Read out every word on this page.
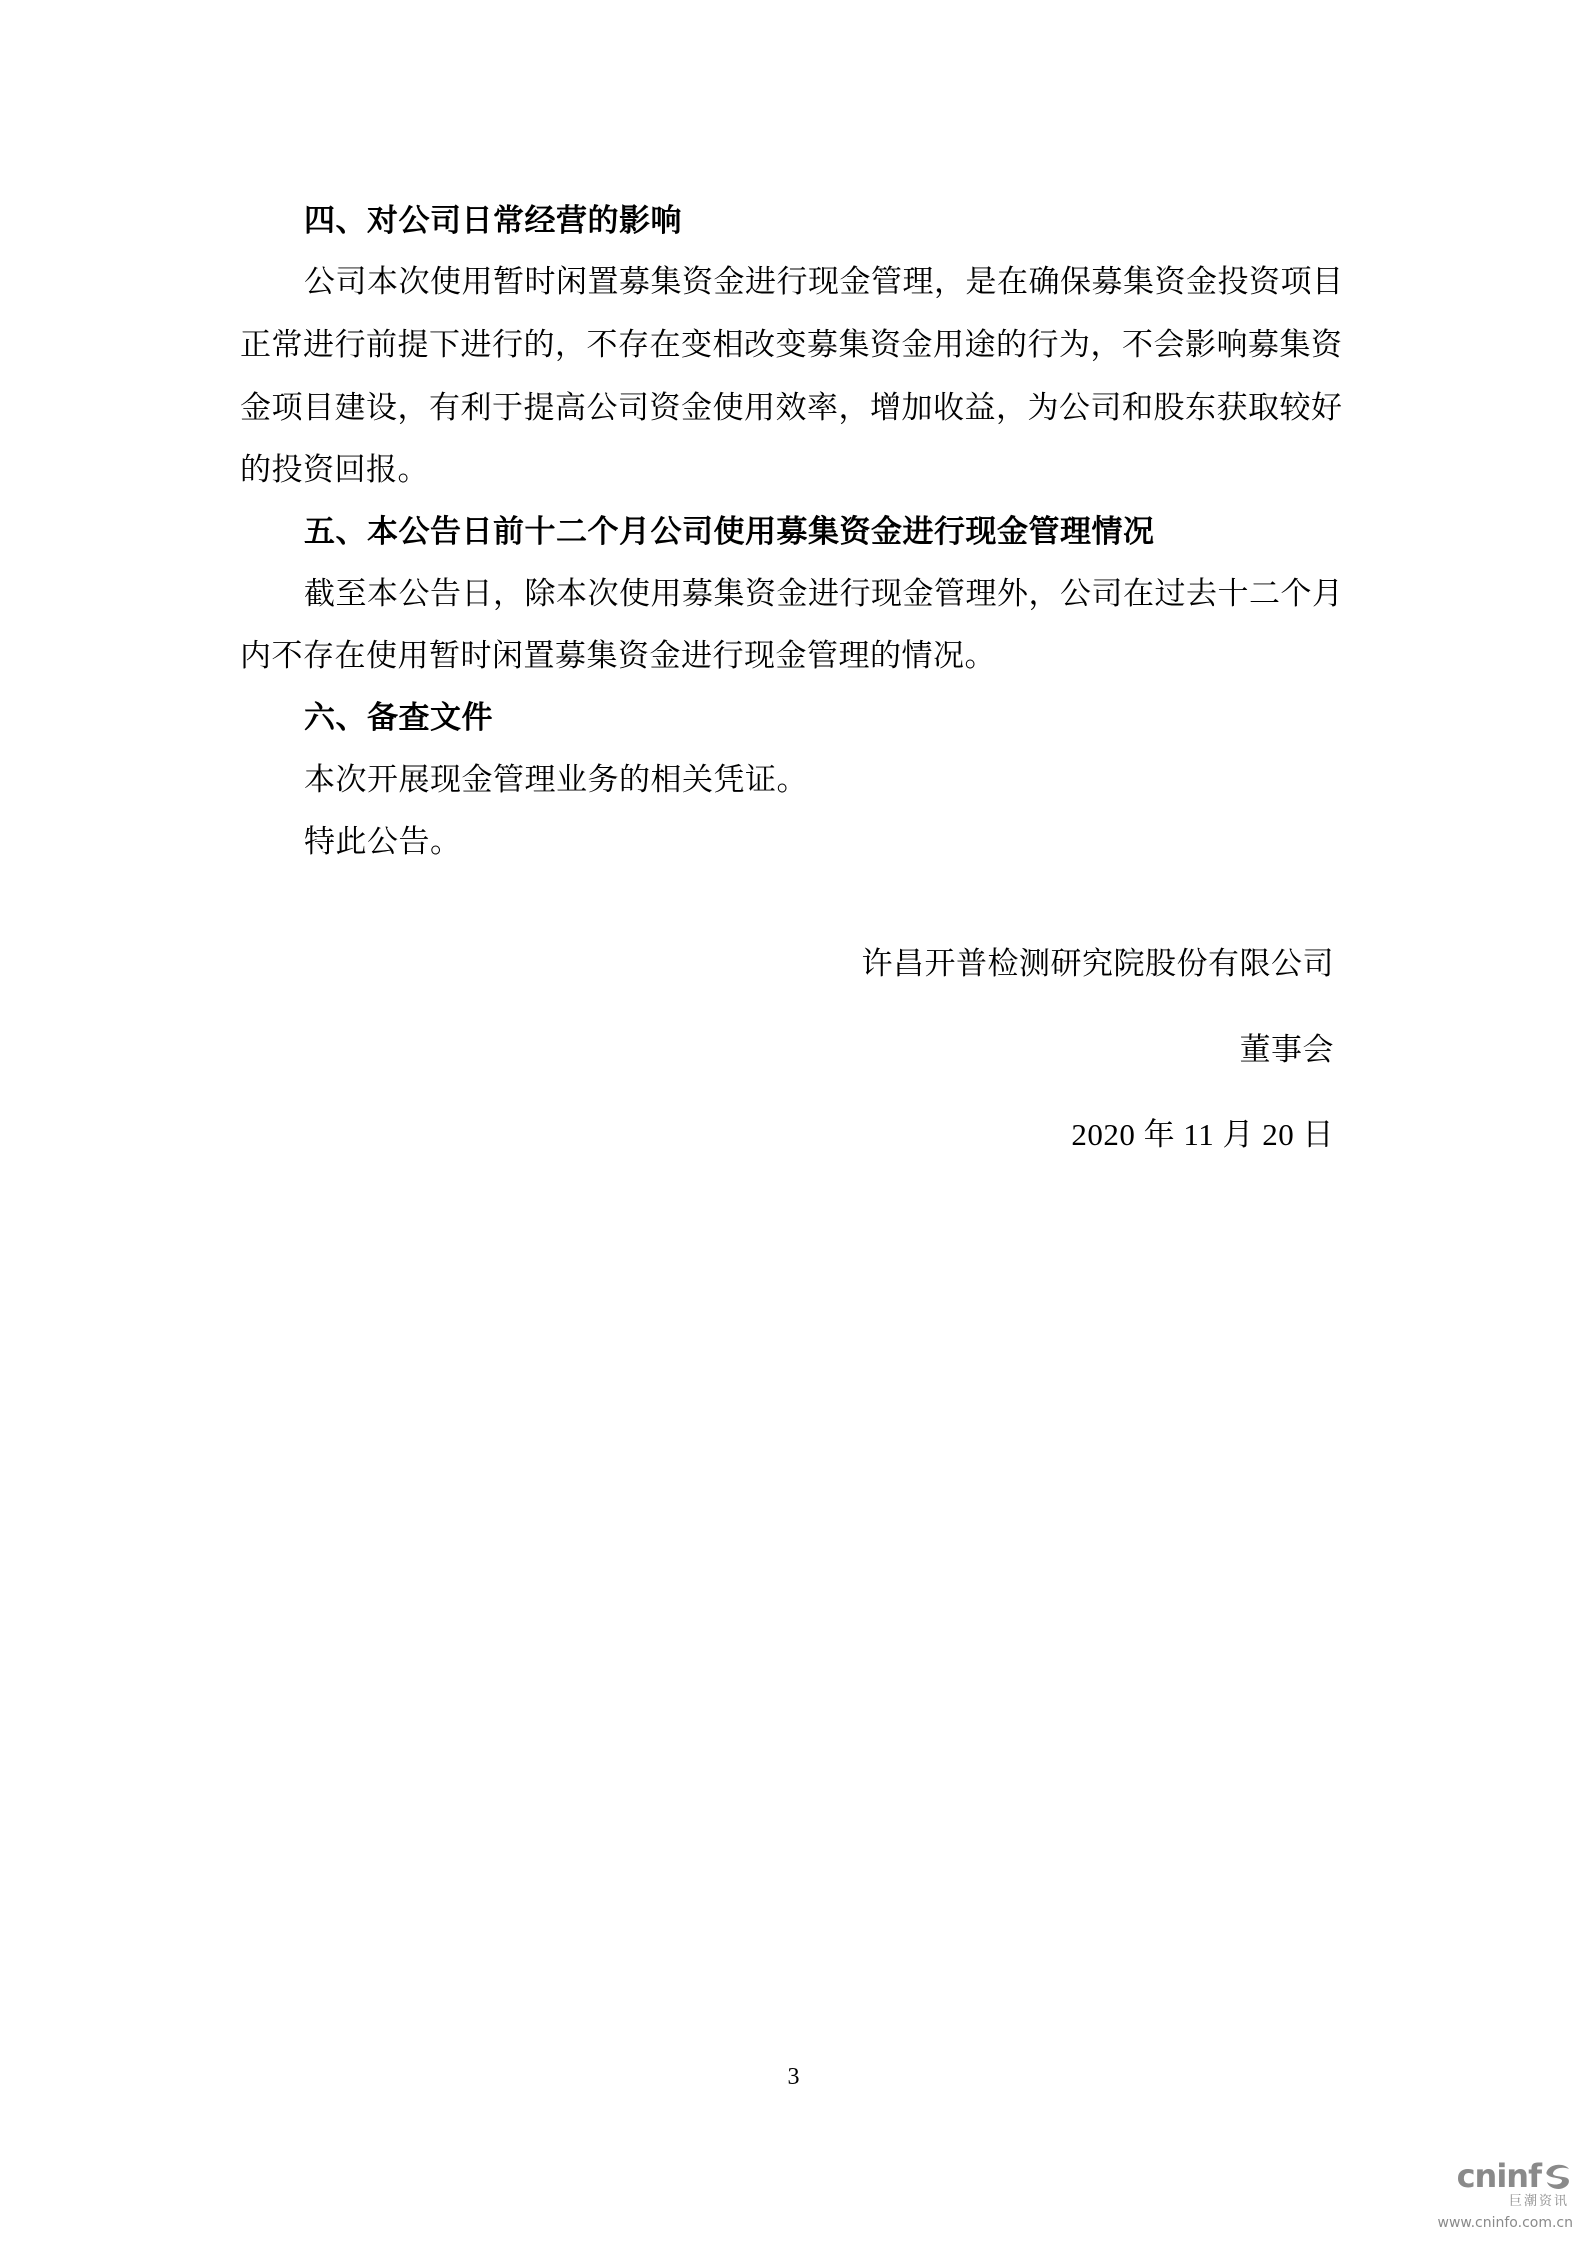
四、对公司日常经营的影响
公司本次使用暂时闲置募集资金进行现金管理，是在确保募集资金投资项目
正常进行前提下进行的，不存在变相改变募集资金用途的行为，不会影响募集资
金项目建设，有利于提高公司资金使用效率，增加收益，为公司和股东获取较好
的投资回报。
五、本公告日前十二个月公司使用募集资金进行现金管理情况
截至本公告日，除本次使用募集资金进行现金管理外，公司在过去十二个月
内不存在使用暂时闲置募集资金进行现金管理的情况。
六、备查文件
本次开展现金管理业务的相关凭证。
特此公告。
许昌开普检测研究院股份有限公司
董事会
2020 年 11 月 20 日
3
cninf
巨潮资讯
www.cninfo.com.cn
